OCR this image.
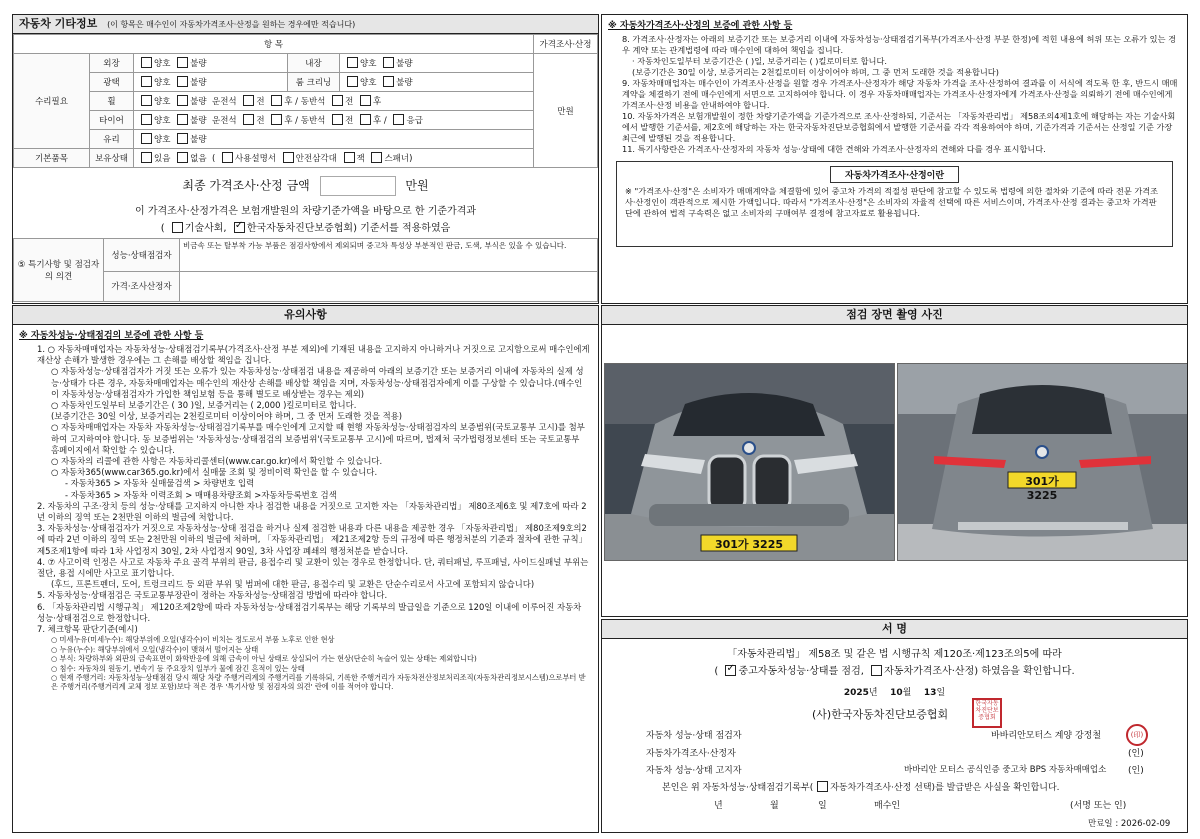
자동차 기타정보 (이 항목은 매수인이 자동차가격조사·산정을 원하는 경우에만 적습니다)
항 목					가격조사·산정
수리필요	외장	양호 불량	내장	양호 불량	만원
	광택	양호 불량	룸 크리닝	양호 불량	
	휠	양호 불량 운전석 전 후 / 동반석 전 후			
	타이어	양호 불량 운전석 전 후 / 동반석 전 후 / 응급			
	유리	양호 불량			
기본품목	보유상태	있음 없음  ( 사용설명서 안전삼각대 잭 스패너)			
최종 가격조사·산정 금액	만원
이 가격조사·산정가격은 보험개발원의 차량기준가액을 바탕으로 한 기준가격과
( 기술사회, ✓ 한국자동차진단보증협회) 기준서를 적용하였음
⑤ 특기사항 및 점검자의 의견	성능·상태점검자	비금속 또는 탈부착 가능 부품은 점검사항에서 제외되며 중고차 특성상 부분적인 판금, 도색, 부식은 있을 수 있습니다.
	가격·조사산정자	
※ 자동차가격조사·산정의 보증에 관한 사항 등

8. 가격조사·산정자는 아래의 보증기간 또는 보증거리 이내에 자동차성능·상태점검기록부(가격조사·산정 부분 한정)에 적힌 내용에 허위 또는 오류가 있는 경우 계약 또는 관계법령에 따라 매수인에 대하여 책임을 집니다.

· 자동차인도일부터 보증기간은 ( )일, 보증거리는 ( )킬로미터로 합니다.

(보증기간은 30일 이상, 보증거리는 2천킬로미터 이상이어야 하며, 그 중 먼저 도래한 것을 적용합니다)

9. 자동차매매업자는 매수인이 가격조사·산정을 원할 경우 가격조사·산정자가 해당 자동차 가격을 조사·산정하여 결과를 이 서식에 적도록 한 후, 반드시 매매계약을 체결하기 전에 매수인에게 서면으로 고지하여야 합니다. 이 경우 자동차매매업자는 가격조사·산정자에게 가격조사·산정을 의뢰하기 전에 매수인에게 가격조사·산정 비용을 안내하여야 합니다.

10. 자동차가격은 보험개발원이 정한 차량기준가액을 기준가격으로 조사·산정하되, 기준서는 「자동차관리법」 제58조의4제1호에 해당하는 자는 기술사회에서 발행한 기준서를, 제2호에 해당하는 자는 한국자동차진단보증협회에서 발행한 기준서를 각각 적용하여야 하며, 기준가격과 기준서는 산정일 기준 가장 최근에 발행된 것을 적용합니다.

11. 특기사항란은 가격조사·산정자의 자동차 성능·상태에 대한 견해와 가격조사·산정자의 견해와 다를 경우 표시합니다.

자동차가격조사·산정이란
※ "가격조사·산정"은 소비자가 매매계약을 체결함에 있어 중고차 가격의 적절성 판단에 참고할 수 있도록 법령에 의한 절차와 기준에 따라 전문 가격조사·산정인이 객관적으로 제시한 가액입니다. 따라서 "가격조사·산정"은 소비자의 자율적 선택에 따른 서비스이며, 가격조사·산정 결과는 중고차 가격판단에 관하여 법적 구속력은 없고 소비자의 구매여부 결정에 참고자료로 활용됩니다.
유의사항
※ 자동차성능·상태점검의 보증에 관한 사항 등

1. ○ 자동차매매업자는 자동차성능·상태점검기록부(가격조사·산정 부분 제외)에 기재된 내용을 고지하지 아니하거나 거짓으로 고지함으로써 매수인에게 재산상 손해가 발생한 경우에는 그 손해를 배상할 책임을 집니다.

○ 자동차성능·상태점검자가 거짓 또는 오류가 있는 자동차성능·상태점검 내용을 제공하여 아래의 보증기간 또는 보증거리 이내에 자동차의 실제 성능·상태가 다른 경우, 자동차매매업자는 매수인의 재산상 손해를 배상할 책임을 지며, 자동차성능·상태점검자에게 이를 구상할 수 있습니다.(매수인이 자동차성능·상태점검자가 가입한 책임보험 등을 통해 별도로 배상받는 경우는 제외)

○ 자동차인도일부터 보증기간은 ( 30 )일, 보증거리는 ( 2,000 )킬로미터로 합니다.

(보증기간은 30일 이상, 보증거리는 2천킬로미터 이상이어야 하며, 그 중 먼저 도래한 것을 적용)

○ 자동차매매업자는 자동차 자동차성능·상태점검기록부를 매수인에게 고지할 때 현행 자동차성능·상태점검자의 보증범위(국토교통부 고시)를 첨부하여 고지하여야 합니다. 동 보증범위는 '자동차성능·상태점검의 보증범위'(국토교통부 고시)에 따르며, 법제처 국가법령정보센터 또는 국토교통부 홈페이지에서 확인할 수 있습니다.

○ 자동차의 리콜에 관한 사항은 자동차리콜센터(www.car.go.kr)에서 확인할 수 있습니다.

○ 자동차365(www.car365.go.kr)에서 실매물 조회 및 정비이력 확인을 할 수 있습니다.

- 자동차365 > 자동차 실매물검색 > 차량번호 입력

- 자동차365 > 자동차 이력조회 > 매매용차량조회 >자동차등록번호 검색

2. 자동차의 구조·장치 등의 성능·상태를 고지하지 아니한 자나 점검한 내용을 거짓으로 고지한 자는 「자동차관리법」 제80조제6호 및 제7호에 따라 2년 이하의 징역 또는 2천만원 이하의 벌금에 처합니다.

3. 자동차성능·상태점검자가 거짓으로 자동차성능·상태 점검을 하거나 실제 점검한 내용과 다른 내용을 제공한 경우 「자동차관리법」 제80조제9호의2에 따라 2년 이하의 징역 또는 2천만원 이하의 벌금에 처하며, 「자동차관리법」 제21조제2항 등의 규정에 따른 행정처분의 기준과 절차에 관한 규칙」 제5조제1항에 따라 1차 사업정지 30일, 2차 사업정지 90일, 3차 사업장 폐쇄의 행정처분을 받습니다.

4. ⑦ 사고이력 인정은 사고로 자동차 주요 골격 부위의 판금, 용접수리 및 교환이 있는 경우로 한정합니다. 단, 쿼터패널, 루프패널, 사이드실패널 부위는 절단, 용접 시에만 사고로 표기합니다.

(후드, 프론트펜더, 도어, 트렁크리드 등 외판 부위 및 범퍼에 대한 판금, 용접수리 및 교환은 단순수리로서 사고에 포함되지 않습니다)

5. 자동차성능·상태점검은 국토교통부장관이 정하는 자동차성능·상태점검 방법에 따라야 합니다.

6. 「자동차관리법 시행규칙」 제120조제2항에 따라 자동차성능·상태점검기록부는 해당 기록부의 발급일을 기준으로 120일 이내에 이루어진 자동차 성능·상태점검으로 한정합니다.

7. 체크항목 판단기준(예시)

○ 미세누유(미세누수): 해당부위에 오일(냉각수)이 비치는 정도로서 부품 노후로 인한 현상

○ 누유(누수): 해당부위에서 오일(냉각수)이 맺혀서 떨어지는 상태

○ 부식: 차량하부와 외판의 금속표면이 화학반응에 의해 금속이 아닌 상태로 상실되어 가는 현상(단순히 녹슬어 있는 상태는 제외합니다)

○ 침수: 자동차의 원동기, 변속기 등 주요장치 일부가 물에 잠긴 흔적이 있는 상태

○ 현재 주행거리: 자동차성능·상태점검 당시 해당 차량 주행거리계의 주행거리를 기록하되, 기록한 주행거리가 자동차전산정보처리조직(자동차관리정보시스템)으로부터 받은 주행거리(주행거리계 교체 정보 포함)보다 적은 경우 '특기사항 및 점검자의 의견' 란에 이를 적어야 합니다.

점검 장면 촬영 사진
301가 3225
301가 3225
서 명
「자동차관리법」 제58조 및 같은 법 시행규칙 제120조·제123조의5에 따라
( ✓중고자동차성능·상태를 점검, 자동차가격조사·산정) 하였음을 확인합니다.
2025년 10월 13일
(사)한국자동차진단보증협회
한국자동차진단보증협회
자동차 성능·상태 점검자	바바리안모터스 계양 강정철	(印)
자동차가격조사·산정자	(인)
자동차 성능·상태 고지자	바바리안 모터스 공식인증 중고차 BPS 자동차매매업소 (인)
본인은 위 자동차성능·상태점검기록부( 자동차가격조사·산정 선택)를 발급받은 사실을 확인합니다.
년	월	일	매수인	(서명 또는 인)
만료일 : 2026-02-09
